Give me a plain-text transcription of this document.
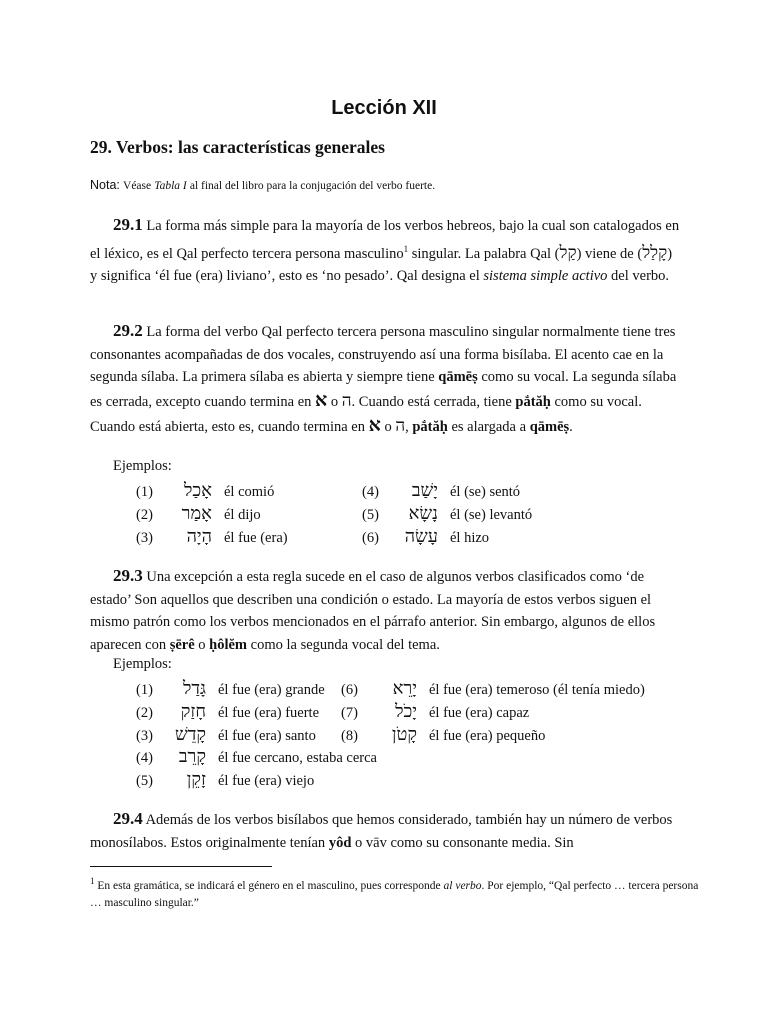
Lección XII
29. Verbos: las características generales
Nota: Véase Tabla I al final del libro para la conjugación del verbo fuerte.
29.1 La forma más simple para la mayoría de los verbos hebreos, bajo la cual son catalogados en el léxico, es el Qal perfecto tercera persona masculino$^1$ singular. La palabra Qal (קַל) viene de (קָלַל) y significa ‘él fue (era) liviano’, esto es ‘no pesado’. Qal designa el sistema simple activo del verbo.
29.2 La forma del verbo Qal perfecto tercera persona masculino singular normalmente tiene tres consonantes acompañadas de dos vocales, construyendo así una forma bisílaba. El acento cae en la segunda sílaba. La primera sílaba es abierta y siempre tiene qāmēṣ como su vocal. La segunda sílaba es cerrada, excepto cuando termina en א o ה. Cuando está cerrada, tiene pắtăḥ como su vocal. Cuando está abierta, esto es, cuando termina en א o ה, pắtăḥ es alargada a qāmēṣ.
Ejemplos:
(1) אָכַל él comió
(2) אָמַר él dijo
(3) הָיָה él fue (era)
(4) יָשַׁב él (se) sentó
(5) נָשָׂא él (se) levantó
(6) עָשָׂה él hizo
29.3 Una excepción a esta regla sucede en el caso de algunos verbos clasificados como ‘de estado’ Son aquellos que describen una condición o estado. La mayoría de estos verbos siguen el mismo patrón como los verbos mencionados en el párrafo anterior. Sin embargo, algunos de ellos aparecen con ṣērê o ḥôlĕm como la segunda vocal del tema.
Ejemplos:
(1) גָּדַל él fue (era) grande
(2) חָזַק él fue (era) fuerte
(3) קָדֵשׁ él fue (era) santo
(4) קָרֵב él fue cercano, estaba cerca
(5) זָקֵן él fue (era) viejo
(6) יָרֵא él fue (era) temeroso (él tenía miedo)
(7) יָכֹל él fue (era) capaz
(8) קָטֹן él fue (era) pequeño
29.4 Además de los verbos bisílabos que hemos considerado, también hay un número de verbos monosílabos. Estos originalmente tenían yôd o vāv como su consonante media. Sin
$^1$ En esta gramática, se indicará el género en el masculino, pues corresponde al verbo. Por ejemplo, “Qal perfecto … tercera persona … masculino singular.”
